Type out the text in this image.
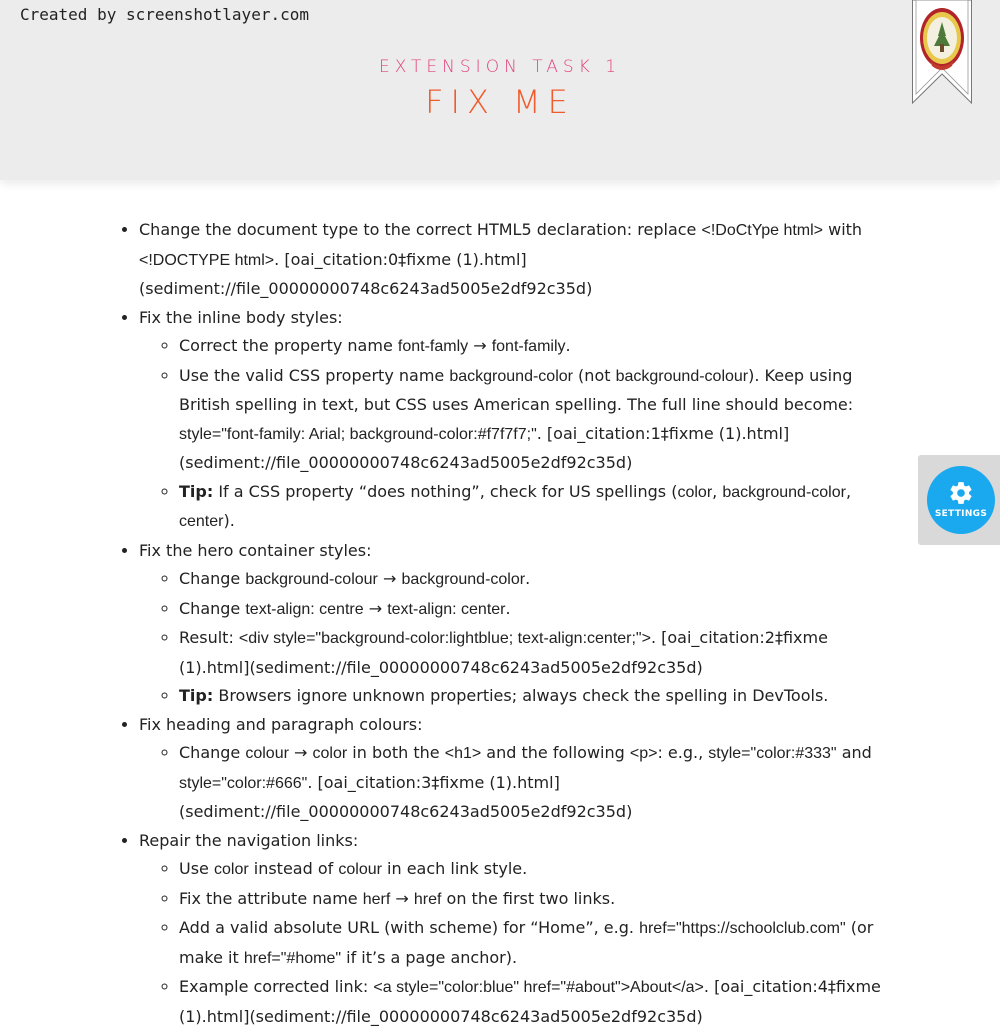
Created by screenshotlayer.com
EXTENSION TASK 1
FIX ME
• Change the document type to the correct HTML5 declaration: replace <!DoCtYpe html> with <!DOCTYPE html>. [oai_citation:0‡fixme (1).html](sediment://file_00000000748c6243ad5005e2df92c35d)
• Fix the inline body styles:
◦ Correct the property name font-famly → font-family.
◦ Use the valid CSS property name background-color (not background-colour). Keep using British spelling in text, but CSS uses American spelling. The full line should become: style="font-family: Arial; background-color:#f7f7f7;". [oai_citation:1‡fixme (1).html](sediment://file_00000000748c6243ad5005e2df92c35d)
◦ Tip: If a CSS property “does nothing”, check for US spellings (color, background-color, center).
• Fix the hero container styles:
◦ Change background-colour → background-color.
◦ Change text-align: centre → text-align: center.
◦ Result: <div style="background-color:lightblue; text-align:center;">. [oai_citation:2‡fixme (1).html](sediment://file_00000000748c6243ad5005e2df92c35d)
◦ Tip: Browsers ignore unknown properties; always check the spelling in DevTools.
• Fix heading and paragraph colours:
◦ Change colour → color in both the <h1> and the following <p>: e.g., style="color:#333" and style="color:#666". [oai_citation:3‡fixme (1).html](sediment://file_00000000748c6243ad5005e2df92c35d)
• Repair the navigation links:
◦ Use color instead of colour in each link style.
◦ Fix the attribute name herf → href on the first two links.
◦ Add a valid absolute URL (with scheme) for “Home”, e.g. href="https://schoolclub.com" (or make it href="#home" if it’s a page anchor).
◦ Example corrected link: <a style="color:blue" href="#about">About</a>. [oai_citation:4‡fixme (1).html](sediment://file_00000000748c6243ad5005e2df92c35d)
SETTINGS
